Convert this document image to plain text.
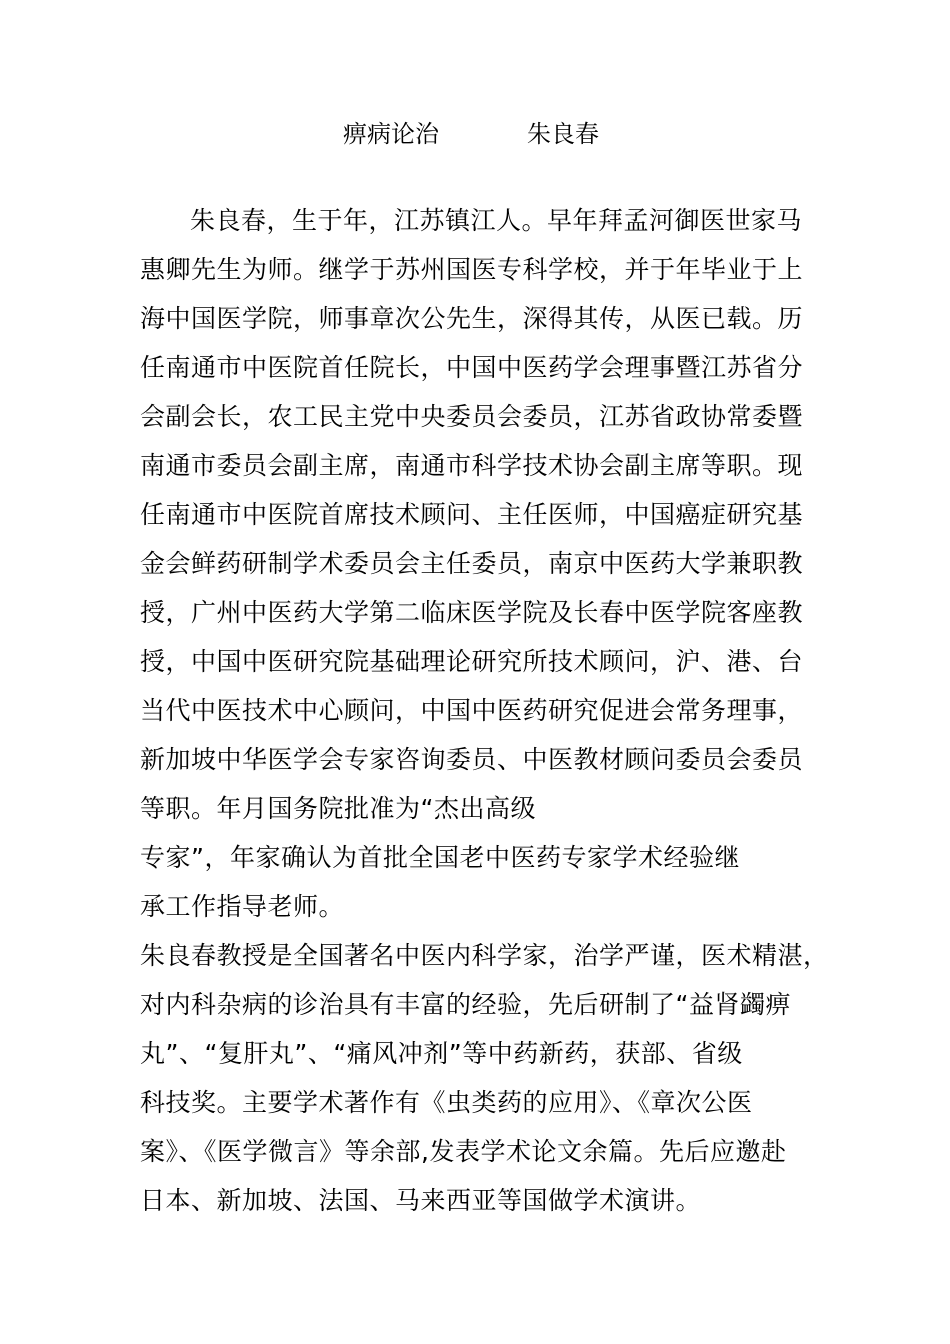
痹病论治	朱良春
朱良春，生于年，江苏镇江人。早年拜孟河御医世家马
惠卿先生为师。继学于苏州国医专科学校，并于年毕业于上
海中国医学院，师事章次公先生，深得其传，从医已载。历
任南通市中医院首任院长，中国中医药学会理事暨江苏省分
会副会长，农工民主党中央委员会委员，江苏省政协常委暨
南通市委员会副主席，南通市科学技术协会副主席等职。现
任南通市中医院首席技术顾问、主任医师，中国癌症研究基
金会鲜药研制学术委员会主任委员，南京中医药大学兼职教
授，广州中医药大学第二临床医学院及长春中医学院客座教
授，中国中医研究院基础理论研究所技术顾问，沪、港、台
当代中医技术中心顾问，中国中医药研究促进会常务理事，
新加坡中华医学会专家咨询委员、中医教材顾问委员会委员
等职。年月国务院批准为“杰出高级
专家”，年家确认为首批全国老中医药专家学术经验继
承工作指导老师。
朱良春教授是全国著名中医内科学家，治学严谨，医术精湛，
对内科杂病的诊治具有丰富的经验，先后研制了“益肾蠲痹
丸”、“复肝丸”、“痛风冲剂”等中药新药，获部、省级
科技奖。主要学术著作有《虫类药的应用》、《章次公医
案》、《医学微言》等余部,发表学术论文余篇。先后应邀赴
日本、新加坡、法国、马来西亚等国做学术演讲。
